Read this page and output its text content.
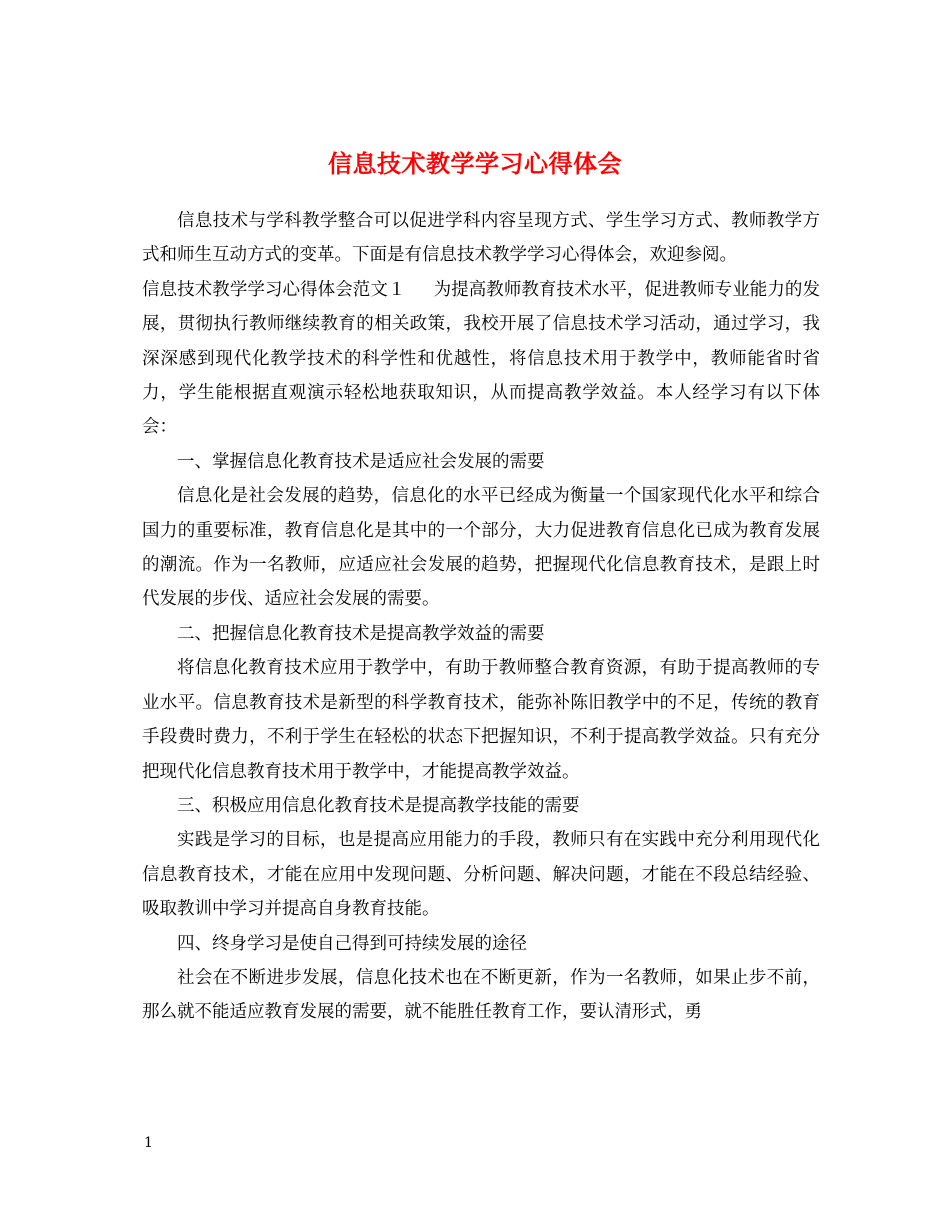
信息技术教学学习心得体会

信息技术与学科教学整合可以促进学科内容呈现方式、学生学习方式、教师教学方式和师生互动方式的变革。下面是有信息技术教学学习心得体会，欢迎参阅。

信息技术教学学习心得体会范文１ 为提高教师教育技术水平，促进教师专业能力的发展，贯彻执行教师继续教育的相关政策，我校开展了信息技术学习活动，通过学习，我深深感到现代化教学技术的科学性和优越性，将信息技术用于教学中，教师能省时省力，学生能根据直观演示轻松地获取知识，从而提高教学效益。本人经学习有以下体会：

一、掌握信息化教育技术是适应社会发展的需要

信息化是社会发展的趋势，信息化的水平已经成为衡量一个国家现代化水平和综合国力的重要标准，教育信息化是其中的一个部分，大力促进教育信息化已成为教育发展的潮流。作为一名教师，应适应社会发展的趋势，把握现代化信息教育技术，是跟上时代发展的步伐、适应社会发展的需要。

二、把握信息化教育技术是提高教学效益的需要

将信息化教育技术应用于教学中，有助于教师整合教育资源，有助于提高教师的专业水平。信息教育技术是新型的科学教育技术，能弥补陈旧教学中的不足，传统的教育手段费时费力，不利于学生在轻松的状态下把握知识，不利于提高教学效益。只有充分把现代化信息教育技术用于教学中，才能提高教学效益。

三、积极应用信息化教育技术是提高教学技能的需要

实践是学习的目标，也是提高应用能力的手段，教师只有在实践中充分利用现代化信息教育技术，才能在应用中发现问题、分析问题、解决问题，才能在不段总结经验、吸取教训中学习并提高自身教育技能。

四、终身学习是使自己得到可持续发展的途径

社会在不断进步发展，信息化技术也在不断更新，作为一名教师，如果止步不前，那么就不能适应教育发展的需要，就不能胜任教育工作，要认清形式，勇

1
